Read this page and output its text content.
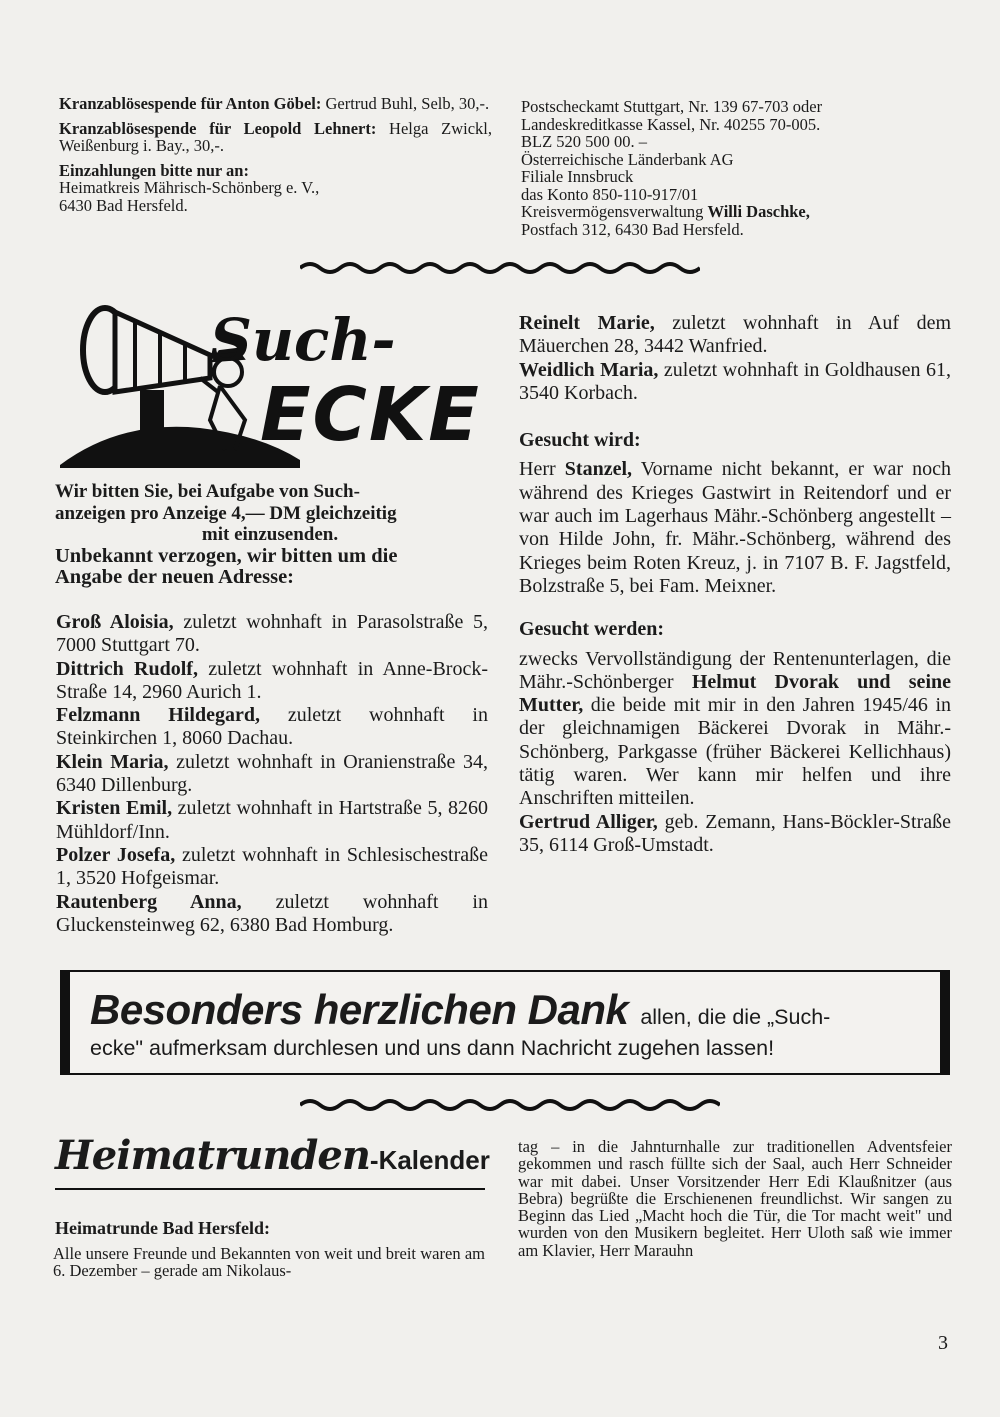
Kranzablösespende für Anton Göbel: Gertrud Buhl, Selb, 30,-.

Kranzablösespende für Leopold Lehnert: Helga Zwickl, Weißenburg i. Bay., 30,-.

Einzahlungen bitte nur an:
Heimatkreis Mährisch-Schönberg e. V.,
6430 Bad Hersfeld.

Postscheckamt Stuttgart, Nr. 139 67-703 oder
Landeskreditkasse Kassel, Nr. 40255 70-005.
BLZ 520 500 00. –
Österreichische Länderbank AG
Filiale Innsbruck
das Konto 850-110-917/01
Kreisvermögensverwaltung Willi Daschke,
Postfach 312, 6430 Bad Hersfeld.

Such-
ECKE
Wir bitten Sie, bei Aufgabe von Such-
anzeigen pro Anzeige 4,— DM gleichzeitig
mit einzusenden.
Unbekannt verzogen, wir bitten um die
Angabe der neuen Adresse:

Groß Aloisia, zuletzt wohnhaft in Parasolstraße 5, 7000 Stuttgart 70.

Dittrich Rudolf, zuletzt wohnhaft in Anne-Brock-Straße 14, 2960 Aurich 1.

Felzmann Hildegard, zuletzt wohnhaft in Steinkirchen 1, 8060 Dachau.

Klein Maria, zuletzt wohnhaft in Oranienstraße 34, 6340 Dillenburg.

Kristen Emil, zuletzt wohnhaft in Hartstraße 5, 8260 Mühldorf/Inn.

Polzer Josefa, zuletzt wohnhaft in Schlesischestraße 1, 3520 Hofgeismar.

Rautenberg Anna, zuletzt wohnhaft in Gluckensteinweg 62, 6380 Bad Homburg.

Reinelt Marie, zuletzt wohnhaft in Auf dem Mäuerchen 28, 3442 Wanfried.

Weidlich Maria, zuletzt wohnhaft in Goldhausen 61, 3540 Korbach.

Gesucht wird:

Herr Stanzel, Vorname nicht bekannt, er war noch während des Krieges Gastwirt in Reitendorf und er war auch im Lagerhaus Mähr.-Schönberg angestellt – von Hilde John, fr. Mähr.-Schönberg, während des Krieges beim Roten Kreuz, j. in 7107 B. F. Jagstfeld, Bolzstraße 5, bei Fam. Meixner.

Gesucht werden:

zwecks Vervollständigung der Rentenunterlagen, die Mähr.-Schönberger Helmut Dvorak und seine Mutter, die beide mit mir in den Jahren 1945/46 in der gleichnamigen Bäckerei Dvorak in Mähr.-Schönberg, Parkgasse (früher Bäckerei Kellichhaus) tätig waren. Wer kann mir helfen und ihre Anschriften mitteilen.

Gertrud Alliger, geb. Zemann, Hans-Böckler-Straße 35, 6114 Groß-Umstadt.

Besonders herzlichen Dank allen, die die „Such-
ecke" aufmerksam durchlesen und uns dann Nachricht zugehen lassen!
Heimatrunden-Kalender
Heimatrunde Bad Hersfeld:
Alle unsere Freunde und Bekannten von weit und breit waren am 6. Dezember – gerade am Nikolaus-
tag – in die Jahnturnhalle zur traditionellen Adventsfeier gekommen und rasch füllte sich der Saal, auch Herr Schneider war mit dabei. Unser Vorsitzender Herr Edi Klaußnitzer (aus Bebra) begrüßte die Erschienenen freundlichst. Wir sangen zu Beginn das Lied „Macht hoch die Tür, die Tor macht weit" und wurden von den Musikern begleitet. Herr Uloth saß wie immer am Klavier, Herr Marauhn
3
